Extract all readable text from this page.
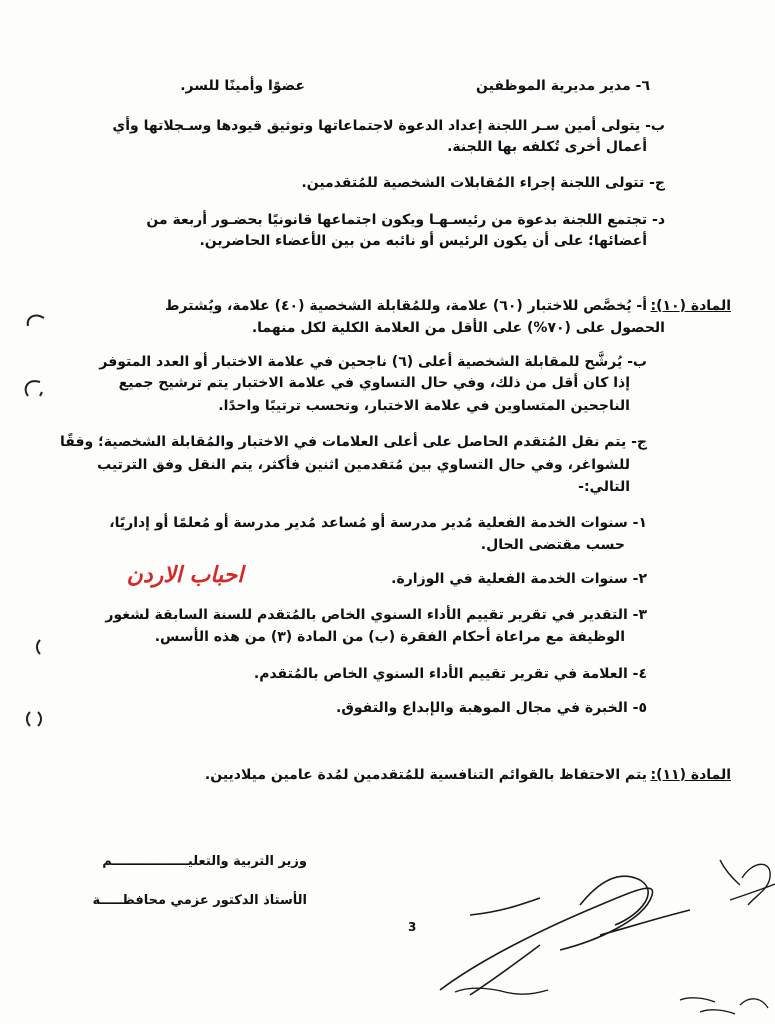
٦- مدير مديرية الموظفين
عضوًا وأمينًا للسر.
ب- يتولى أمين سـر اللجنة إعداد الدعوة لاجتماعاتها وتوثيق قيودها وسـجلاتها وأي
أعمال أخرى تُكلفه بها اللجنة.
ج- تتولى اللجنة إجراء المُقابلات الشخصية للمُتقدمين.
د- تجتمع اللجنة بدعوة من رئيسـهـا ويكون اجتماعها قانونيًا بحضـور أربعة من
أعضائها؛ على أن يكون الرئيس أو نائبه من بين الأعضاء الحاضرين.
المادة (١٠):
أ- يُخصَّص للاختبار (٦٠) علامة، وللمُقابلة الشخصية (٤٠) علامة، ويُشترط
الحصول على (٧٠%) على الأقل من العلامة الكلية لكل منهما.
ب- يُرشَّح للمقابلة الشخصية أعلى (٦) ناجحين في علامة الاختبار أو العدد المتوفر
إذا كان أقل من ذلك، وفي حال التساوي في علامة الاختبار يتم ترشيح جميع
الناجحين المتساوين في علامة الاختبار، وتحسب ترتيبًا واحدًا.
ج- يتم نقل المُتقدم الحاصل على أعلى العلامات في الاختبار والمُقابلة الشخصية؛ وفقًا
للشواغر، وفي حال التساوي بين مُتقدمين اثنين فأكثر، يتم النقل وفق الترتيب
التالي:-
١- سنوات الخدمة الفعلية مُدير مدرسة أو مُساعد مُدير مدرسة أو مُعلمًا أو إداريًا،
حسب مقتضى الحال.
٢- سنوات الخدمة الفعلية في الوزارة.
٣- التقدير في تقرير تقييم الأداء السنوي الخاص بالمُتقدم للسنة السابقة لشغور
الوظيفة مع مراعاة أحكام الفقرة (ب) من المادة (٣) من هذه الأسس.
٤- العلامة في تقرير تقييم الأداء السنوي الخاص بالمُتقدم.
٥- الخبرة في مجال الموهبة والإبداع والتفوق.
المادة (١١):
يتم الاحتفاظ بالقوائم التنافسية للمُتقدمين لمُدة عامين ميلاديين.
احباب الاردن
وزير التربية والتعليـــــــــــــــــم
الأستاذ الدكتور عزمي محافظـــــة
3
